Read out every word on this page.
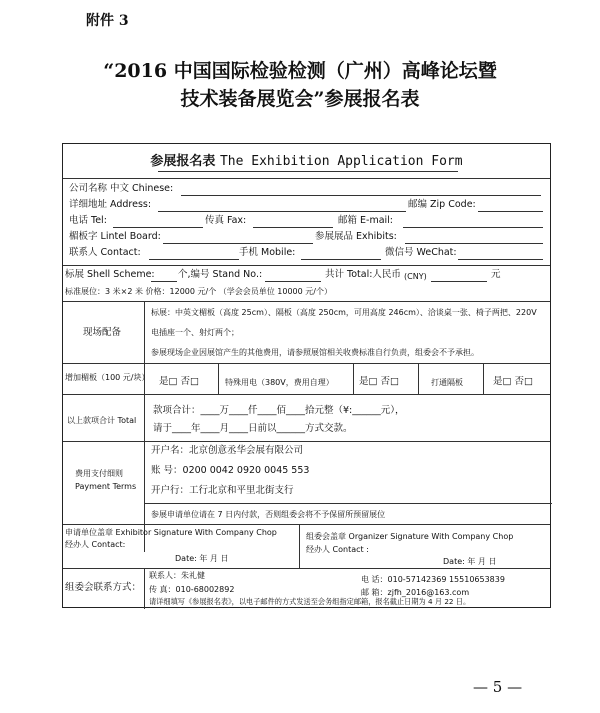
附件 3
“2016 中国国际检验检测（广州）高峰论坛暨
技术装备展览会”参展报名表
参展报名表 The Exhibition Application Form
公司名称 中文 Chinese:
详细地址 Address:	邮编 Zip Code:
电话 Tel:	传真 Fax:	邮箱 E-mail:
楣板字 Lintel Board:	参展展品 Exhibits:
联系人 Contact:	手机 Mobile:	微信号 WeChat:
标展 Shell Scheme: 个,编号 Stand No.:	共计 Total:人民币 (CNY)	元
标准展位：3 米×2 米 价格：12000 元/个 （学会会员单位 10000 元/个）
现场配备
标展：中英文楣板（高度 25cm）、隔板（高度 250cm，可用高度 246cm）、洽谈桌一张、椅子两把、220V
电插座一个、射灯两个；
参展现场企业因展馆产生的其他费用，请参照展馆相关收费标准自行负责，组委会不予承担。
增加楣板（100 元/块） 是□ 否□	特殊用电（380V，费用自理）	是□ 否□	打通隔板	是□ 否□
以上款项合计 Total
款项合计：____万____仟____佰____拾元整（¥:______元），
请于____年____月____日前以______方式交款。
费用支付细则
Payment Terms
开户名：北京创意丞华会展有限公司
账 号：0200 0042 0920 0045 553
开户行：工行北京和平里北街支行
参展申请单位请在 7 日内付款，否则组委会将不予保留所预留展位
申请单位盖章 Exhibitor Signature With Company Chop
经办人 Contact:
Date: 年 月 日
组委会盖章 Organizer Signature With Company Chop
经办人 Contact :
Date: 年 月 日
组委会联系方式：
联系人：朱礼健
传 真：010-68002892
电 话：010-57142369 15510653839
邮 箱：zjfh_2016@163.com
请详细填写《参展报名表》，以电子邮件的方式发送至会务组指定邮箱，报名截止日期为 4 月 22 日。
— 5 —
